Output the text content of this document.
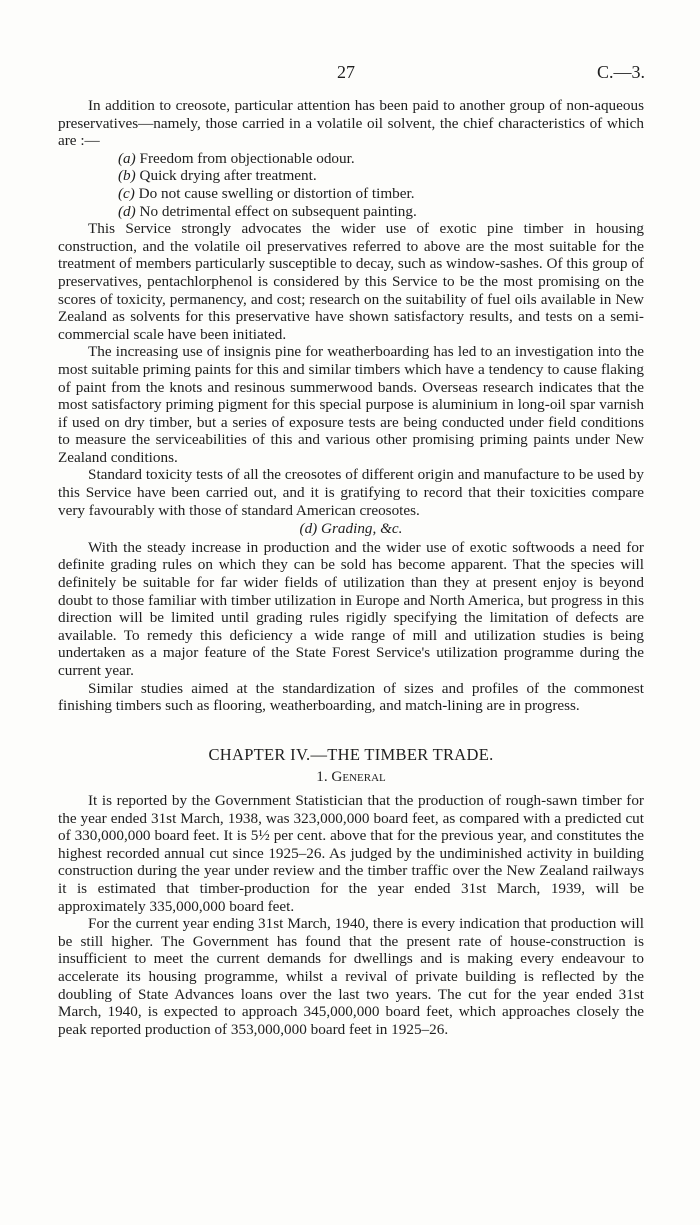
27	C.—3.

In addition to creosote, particular attention has been paid to another group of non-aqueous preservatives—namely, those carried in a volatile oil solvent, the chief characteristics of which are :—

(a) Freedom from objectionable odour.
(b) Quick drying after treatment.
(c) Do not cause swelling or distortion of timber.
(d) No detrimental effect on subsequent painting.

This Service strongly advocates the wider use of exotic pine timber in housing construction, and the volatile oil preservatives referred to above are the most suitable for the treatment of members particularly susceptible to decay, such as window-sashes. Of this group of preservatives, pentachlorphenol is considered by this Service to be the most promising on the scores of toxicity, permanency, and cost; research on the suitability of fuel oils available in New Zealand as solvents for this preservative have shown satisfactory results, and tests on a semi-commercial scale have been initiated.

The increasing use of insignis pine for weatherboarding has led to an investigation into the most suitable priming paints for this and similar timbers which have a tendency to cause flaking of paint from the knots and resinous summerwood bands. Overseas research indicates that the most satisfactory priming pigment for this special purpose is aluminium in long-oil spar varnish if used on dry timber, but a series of exposure tests are being conducted under field conditions to measure the serviceabilities of this and various other promising priming paints under New Zealand conditions.

Standard toxicity tests of all the creosotes of different origin and manufacture to be used by this Service have been carried out, and it is gratifying to record that their toxicities compare very favourably with those of standard American creosotes.

(d) Grading, &c.

With the steady increase in production and the wider use of exotic softwoods a need for definite grading rules on which they can be sold has become apparent. That the species will definitely be suitable for far wider fields of utilization than they at present enjoy is beyond doubt to those familiar with timber utilization in Europe and North America, but progress in this direction will be limited until grading rules rigidly specifying the limitation of defects are available. To remedy this deficiency a wide range of mill and utilization studies is being undertaken as a major feature of the State Forest Service's utilization programme during the current year.

Similar studies aimed at the standardization of sizes and profiles of the commonest finishing timbers such as flooring, weatherboarding, and match-lining are in progress.

CHAPTER IV.—THE TIMBER TRADE.
1. General

It is reported by the Government Statistician that the production of rough-sawn timber for the year ended 31st March, 1938, was 323,000,000 board feet, as compared with a predicted cut of 330,000,000 board feet. It is 5½ per cent. above that for the previous year, and constitutes the highest recorded annual cut since 1925–26. As judged by the undiminished activity in building construction during the year under review and the timber traffic over the New Zealand railways it is estimated that timber-production for the year ended 31st March, 1939, will be approximately 335,000,000 board feet.

For the current year ending 31st March, 1940, there is every indication that production will be still higher. The Government has found that the present rate of house-construction is insufficient to meet the current demands for dwellings and is making every endeavour to accelerate its housing programme, whilst a revival of private building is reflected by the doubling of State Advances loans over the last two years. The cut for the year ended 31st March, 1940, is expected to approach 345,000,000 board feet, which approaches closely the peak reported production of 353,000,000 board feet in 1925–26.
